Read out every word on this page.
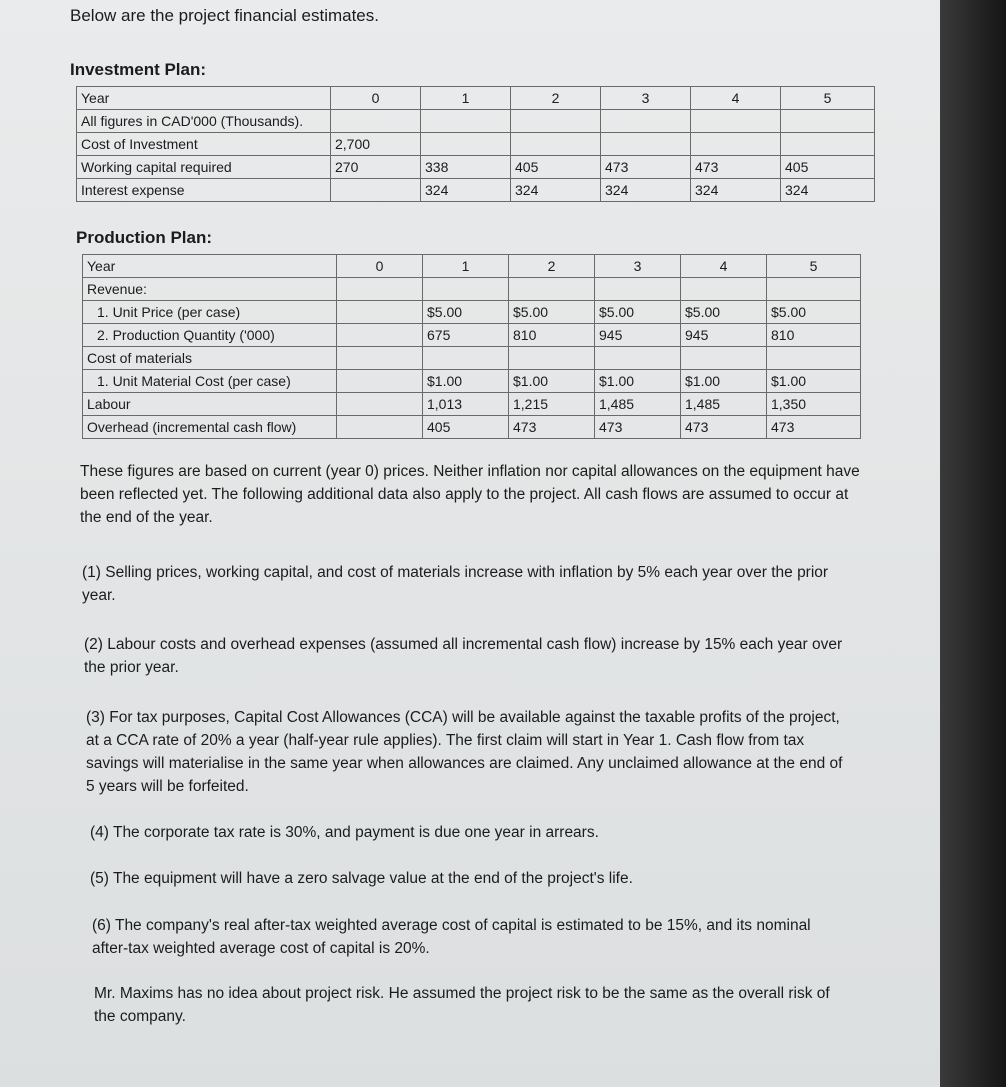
Below are the project financial estimates.
Investment Plan:
Year	0	1	2	3	4	5
All figures in CAD'000 (Thousands).						
Cost of Investment	2,700					
Working capital required	270	338	405	473	473	405
Interest expense		324	324	324	324	324
Production Plan:
Year	0	1	2	3	4	5
Revenue:						
1. Unit Price (per case)		$5.00	$5.00	$5.00	$5.00	$5.00
2. Production Quantity ('000)		675	810	945	945	810
Cost of materials						
1. Unit Material Cost (per case)		$1.00	$1.00	$1.00	$1.00	$1.00
Labour		1,013	1,215	1,485	1,485	1,350
Overhead (incremental cash flow)		405	473	473	473	473
These figures are based on current (year 0) prices. Neither inflation nor capital allowances on the equipment have been reflected yet. The following additional data also apply to the project. All cash flows are assumed to occur at the end of the year.
(1) Selling prices, working capital, and cost of materials increase with inflation by 5% each year over the prior year.
(2) Labour costs and overhead expenses (assumed all incremental cash flow) increase by 15% each year over the prior year.
(3) For tax purposes, Capital Cost Allowances (CCA) will be available against the taxable profits of the project, at a CCA rate of 20% a year (half-year rule applies). The first claim will start in Year 1. Cash flow from tax savings will materialise in the same year when allowances are claimed. Any unclaimed allowance at the end of 5 years will be forfeited.
(4) The corporate tax rate is 30%, and payment is due one year in arrears.
(5) The equipment will have a zero salvage value at the end of the project's life.
(6) The company's real after-tax weighted average cost of capital is estimated to be 15%, and its nominal after-tax weighted average cost of capital is 20%.
Mr. Maxims has no idea about project risk. He assumed the project risk to be the same as the overall risk of the company.
